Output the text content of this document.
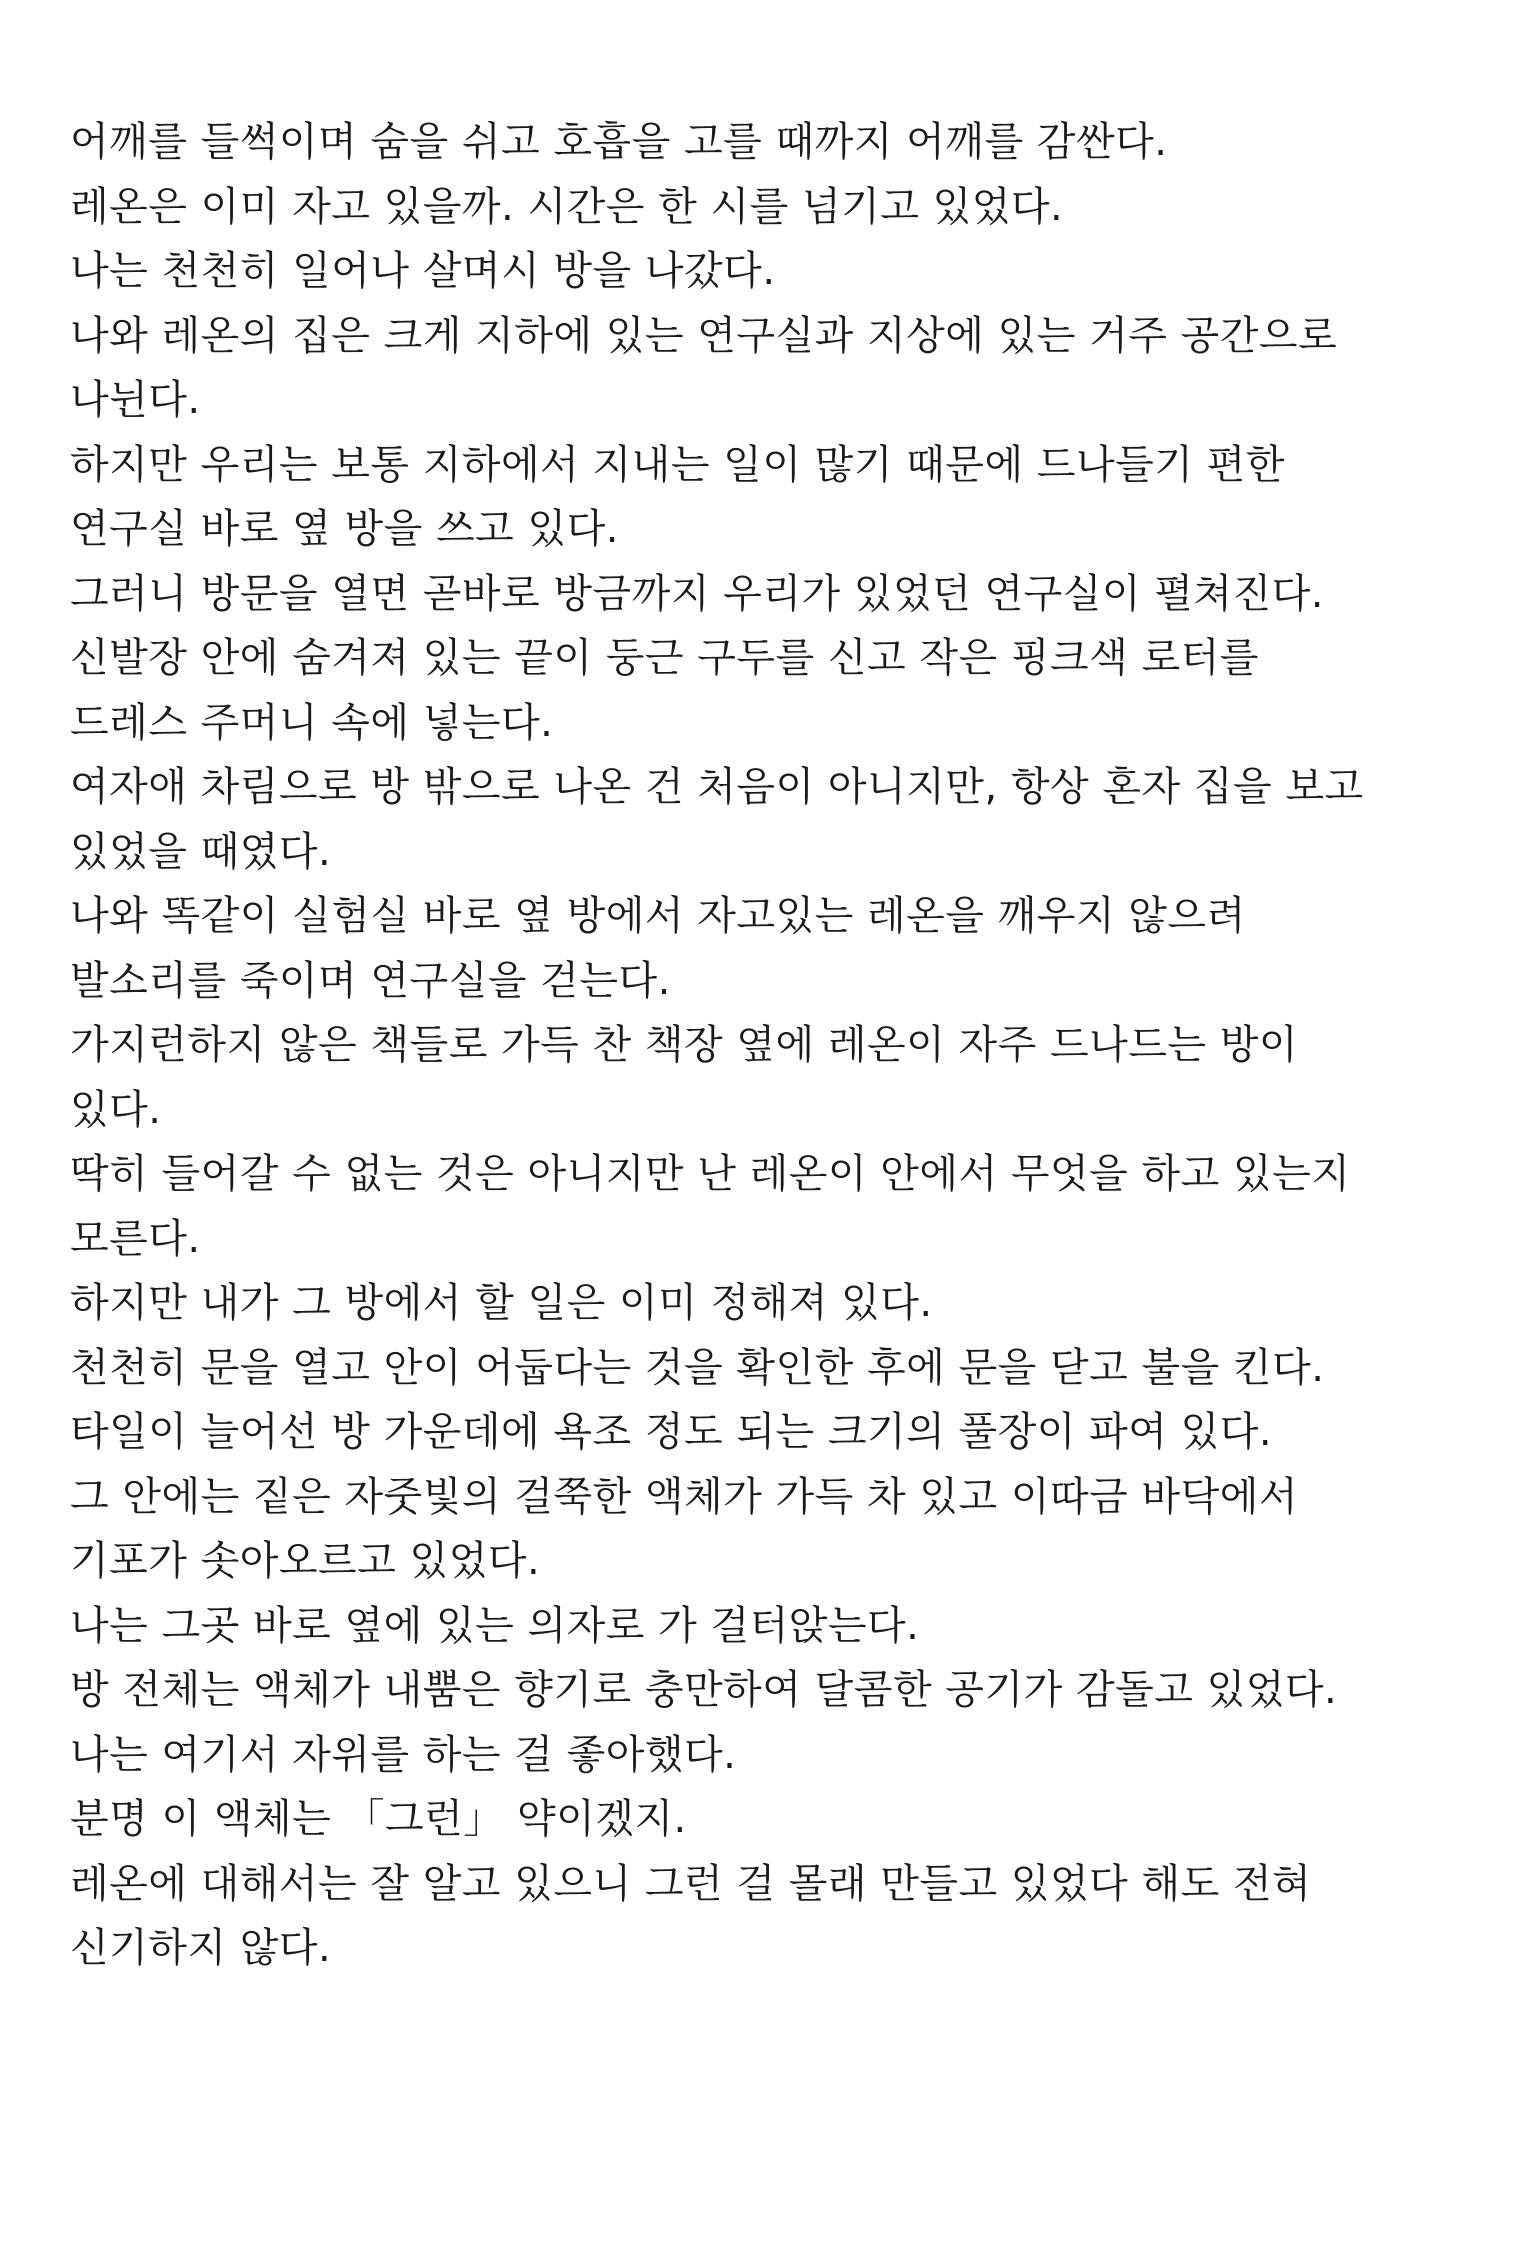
어깨를 들썩이며 숨을 쉬고 호흡을 고를 때까지 어깨를 감싼다.
레온은 이미 자고 있을까. 시간은 한 시를 넘기고 있었다.
나는 천천히 일어나 살며시 방을 나갔다.
나와 레온의 집은 크게 지하에 있는 연구실과 지상에 있는 거주 공간으로
나뉜다.
하지만 우리는 보통 지하에서 지내는 일이 많기 때문에 드나들기 편한
연구실 바로 옆 방을 쓰고 있다.
그러니 방문을 열면 곧바로 방금까지 우리가 있었던 연구실이 펼쳐진다.
신발장 안에 숨겨져 있는 끝이 둥근 구두를 신고 작은 핑크색 로터를
드레스 주머니 속에 넣는다.
여자애 차림으로 방 밖으로 나온 건 처음이 아니지만, 항상 혼자 집을 보고
있었을 때였다.
나와 똑같이 실험실 바로 옆 방에서 자고있는 레온을 깨우지 않으려
발소리를 죽이며 연구실을 걷는다.
가지런하지 않은 책들로 가득 찬 책장 옆에 레온이 자주 드나드는 방이
있다.
딱히 들어갈 수 없는 것은 아니지만 난 레온이 안에서 무엇을 하고 있는지
모른다.
하지만 내가 그 방에서 할 일은 이미 정해져 있다.
천천히 문을 열고 안이 어둡다는 것을 확인한 후에 문을 닫고 불을 킨다.
타일이 늘어선 방 가운데에 욕조 정도 되는 크기의 풀장이 파여 있다.
그 안에는 짙은 자줏빛의 걸쭉한 액체가 가득 차 있고 이따금 바닥에서
기포가 솟아오르고 있었다.
나는 그곳 바로 옆에 있는 의자로 가 걸터앉는다.
방 전체는 액체가 내뿜은 향기로 충만하여 달콤한 공기가 감돌고 있었다.
나는 여기서 자위를 하는 걸 좋아했다.
분명 이 액체는 「그런」 약이겠지.
레온에 대해서는 잘 알고 있으니 그런 걸 몰래 만들고 있었다 해도 전혀
신기하지 않다.
